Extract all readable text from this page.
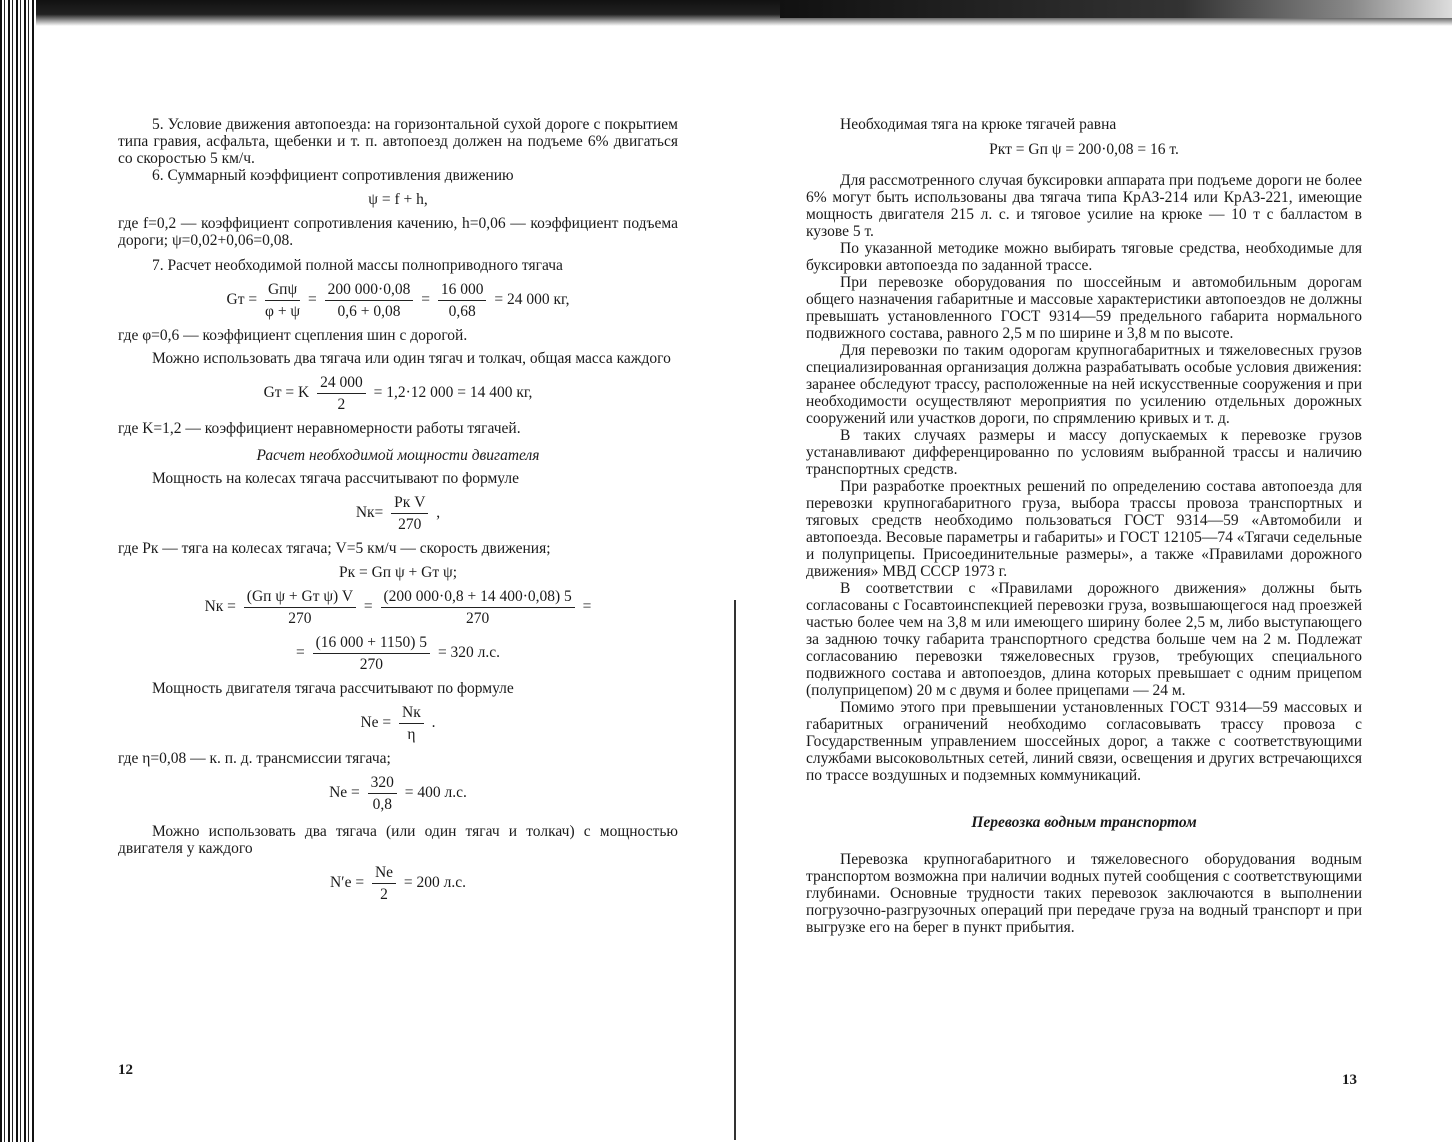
5. Условие движения автопоезда: на горизонтальной сухой дороге с покрытием типа гравия, асфальта, щебенки и т. п. автопоезд должен на подъеме 6% двигаться со скоростью 5 км/ч.

6. Суммарный коэффициент сопротивления движению

ψ = f + h,

где f=0,2 — коэффициент сопротивления качению, h=0,06 — коэффициент подъема дороги; ψ=0,02+0,06=0,08.

7. Расчет необходимой полной массы полноприводного тягача

Gт =
Gпψ
φ + ψ
= $\frac{200 000\cdot 0,08}{0,6 + 0,08} = \frac{16 000}{0,68} = 24$ 000 кг,

где φ=0,6 — коэффициент сцепления шин с дорогой.

Можно использовать два тягача или один тягач и толкач, общая масса каждого

Gт = K $\frac{24 000}{2} = 1,2\cdot 12$ 000 = 14 400 кг,

где K=1,2 — коэффициент неравномерности работы тягачей.

Расчет необходимой мощности двигателя

Мощность на колесах тягача рассчитывают по формуле

Nк=
Pк V
270
,

где Pк — тяга на колесах тягача; V=5 км/ч — скорость движения;

Pк = Gп ψ + Gт ψ;
Nк =
(Gп ψ + Gт ψ) V
270
= $\frac{(200 000\cdot 0,8 + 14 400\cdot 0,08) 5}{270}$ =
= $\frac{(16 000 + 1150) 5}{270} = 320$ л.с.

Мощность двигателя тягача рассчитывают по формуле

Ne =
Nк
η
.

где η=0,08 — к. п. д. трансмиссии тягача;

$Ne = \frac{320}{0,8} = 400$ л.с.

Можно использовать два тягача (или один тягач и толкач) с мощностью двигателя у каждого

$N'e = \frac{Ne}{2} = 200$ л.с.
12

Необходимая тяга на крюке тягачей равна

Pкт = Gп ψ = 200·0,08 = 16 т.

Для рассмотренного случая буксировки аппарата при подъеме дороги не более 6% могут быть использованы два тягача типа КрАЗ-214 или КрАЗ-221, имеющие мощность двигателя 215 л. с. и тяговое усилие на крюке — 10 т с балластом в кузове 5 т.

По указанной методике можно выбирать тяговые средства, необходимые для буксировки автопоезда по заданной трассе.

При перевозке оборудования по шоссейным и автомобильным дорогам общего назначения габаритные и массовые характеристики автопоездов не должны превышать установленного ГОСТ 9314—59 предельного габарита нормального подвижного состава, равного 2,5 м по ширине и 3,8 м по высоте.

Для перевозки по таким одорогам крупногабаритных и тяжеловесных грузов специализированная организация должна разрабатывать особые условия движения: заранее обследуют трассу, расположенные на ней искусственные сооружения и при необходимости осуществляют мероприятия по усилению отдельных дорожных сооружений или участков дороги, по спрямлению кривых и т. д.

В таких случаях размеры и массу допускаемых к перевозке грузов устанавливают дифференцированно по условиям выбранной трассы и наличию транспортных средств.

При разработке проектных решений по определению состава автопоезда для перевозки крупногабаритного груза, выбора трассы провоза транспортных и тяговых средств необходимо пользоваться ГОСТ 9314—59 «Автомобили и автопоезда. Весовые параметры и габариты» и ГОСТ 12105—74 «Тягачи седельные и полуприцепы. Присоединительные размеры», а также «Правилами дорожного движения» МВД СССР 1973 г.

В соответствии с «Правилами дорожного движения» должны быть согласованы с Госавтоинспекцией перевозки груза, возвышающегося над проезжей частью более чем на 3,8 м или имеющего ширину более 2,5 м, либо выступающего за заднюю точку габарита транспортного средства больше чем на 2 м. Подлежат согласованию перевозки тяжеловесных грузов, требующих специального подвижного состава и автопоездов, длина которых превышает с одним прицепом (полуприцепом) 20 м с двумя и более прицепами — 24 м.

Помимо этого при превышении установленных ГОСТ 9314—59 массовых и габаритных ограничений необходимо согласовывать трассу провоза с Государственным управлением шоссейных дорог, а также с соответствующими службами высоковольтных сетей, линий связи, освещения и других встречающихся по трассе воздушных и подземных коммуникаций.

Перевозка водным транспортом

Перевозка крупногабаритного и тяжеловесного оборудования водным транспортом возможна при наличии водных путей сообщения с соответствующими глубинами. Основные трудности таких перевозок заключаются в выполнении погрузочно-разгрузочных операций при передаче груза на водный транспорт и при выгрузке его на берег в пункт прибытия.

13
